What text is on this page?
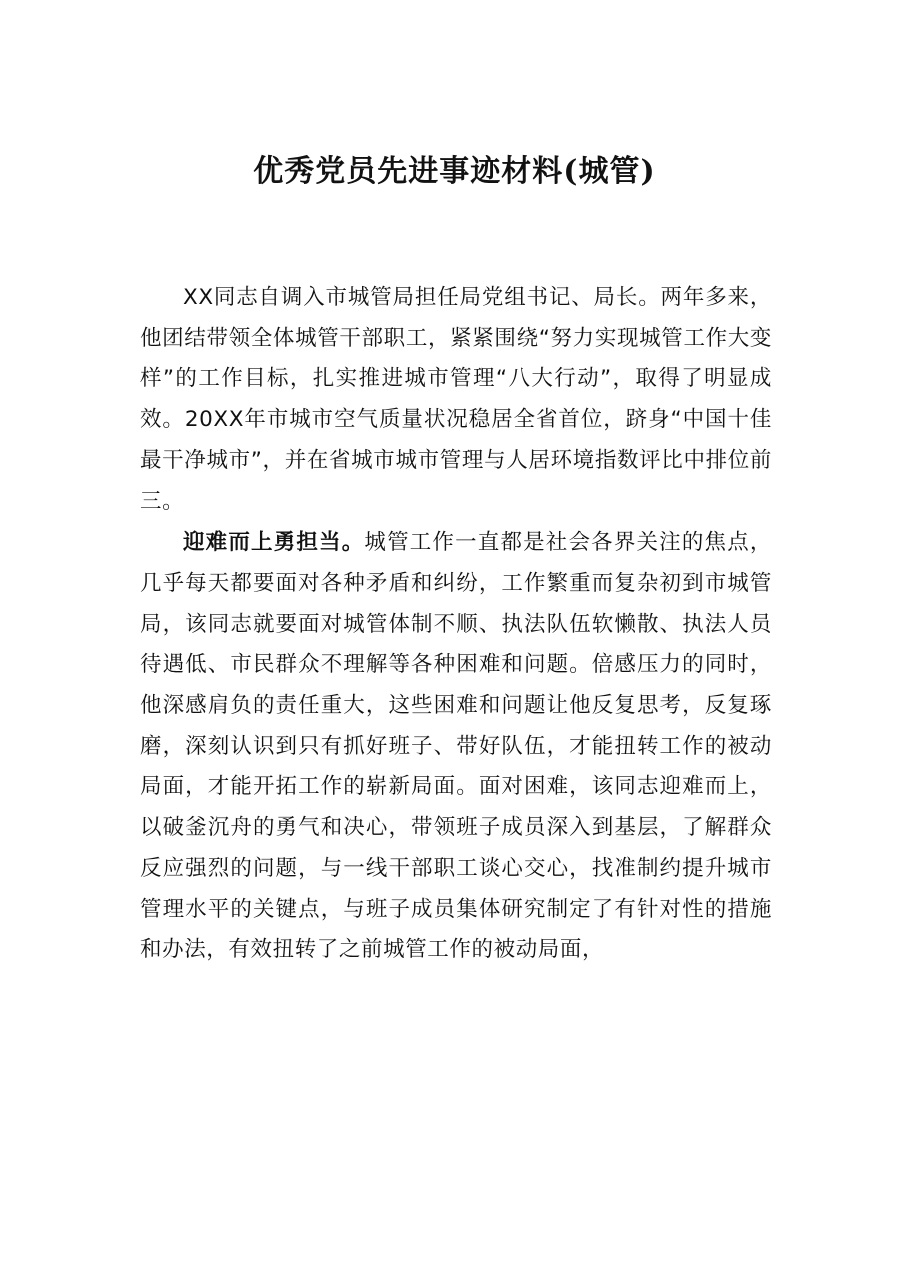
优秀党员先进事迹材料(城管)

XX同志自调入市城管局担任局党组书记、局长。两年多来，他团结带领全体城管干部职工，紧紧围绕“努力实现城管工作大变样”的工作目标，扎实推进城市管理“八大行动”，取得了明显成效。20XX年市城市空气质量状况稳居全省首位，跻身“中国十佳最干净城市”，并在省城市城市管理与人居环境指数评比中排位前三。

迎难而上勇担当。城管工作一直都是社会各界关注的焦点，几乎每天都要面对各种矛盾和纠纷，工作繁重而复杂初到市城管局，该同志就要面对城管体制不顺、执法队伍软懒散、执法人员待遇低、市民群众不理解等各种困难和问题。倍感压力的同时，他深感肩负的责任重大，这些困难和问题让他反复思考，反复琢磨，深刻认识到只有抓好班子、带好队伍，才能扭转工作的被动局面，才能开拓工作的崭新局面。面对困难，该同志迎难而上，以破釜沉舟的勇气和决心，带领班子成员深入到基层，了解群众反应强烈的问题，与一线干部职工谈心交心，找准制约提升城市管理水平的关键点，与班子成员集体研究制定了有针对性的措施和办法，有效扭转了之前城管工作的被动局面，
